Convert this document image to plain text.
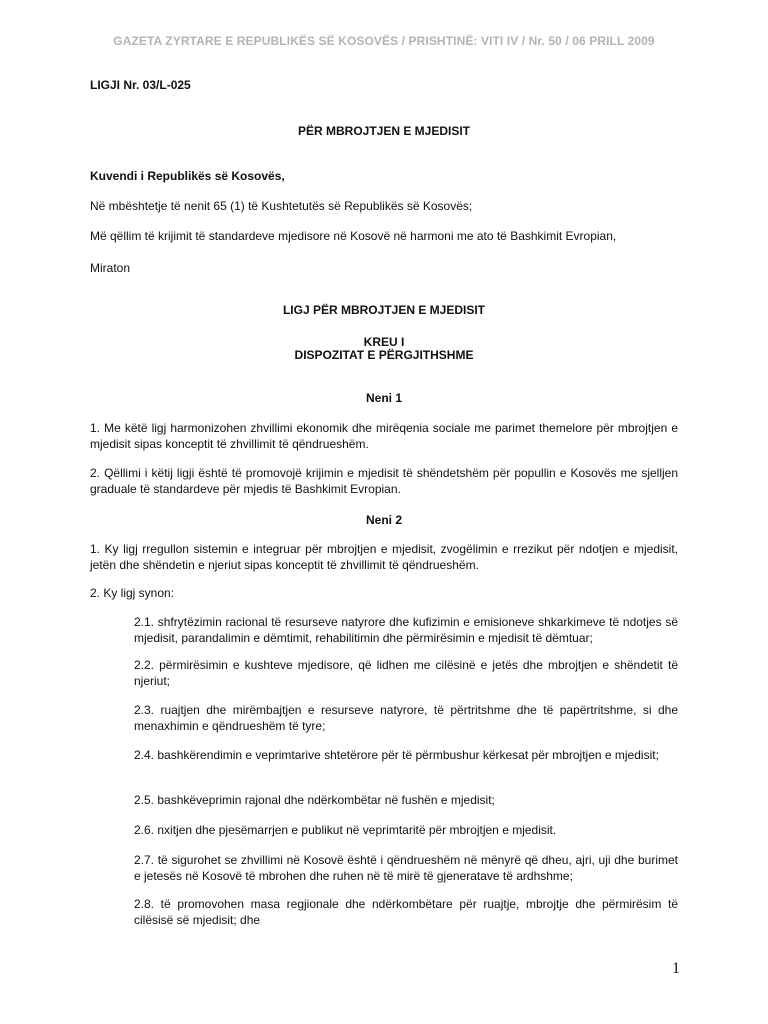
GAZETA ZYRTARE E REPUBLIKËS SË KOSOVËS / PRISHTINË: VITI IV / Nr. 50 / 06 PRILL 2009
LIGJI Nr. 03/L-025
PËR MBROJTJEN E MJEDISIT
Kuvendi i Republikës së Kosovës,
Në mbështetje të nenit 65 (1) të Kushtetutës së Republikës së Kosovës;
Më qëllim të krijimit të standardeve mjedisore në Kosovë në harmoni me ato të Bashkimit Evropian,
Miraton
LIGJ PËR MBROJTJEN E MJEDISIT
KREU I
DISPOZITAT E PËRGJITHSHME
Neni 1
1. Me këtë ligj harmonizohen zhvillimi ekonomik dhe mirëqenia sociale me parimet themelore për mbrojtjen e mjedisit sipas konceptit të zhvillimit të qëndrueshëm.
2. Qëllimi i këtij ligji është të promovojë krijimin e mjedisit të shëndetshëm për popullin e Kosovës me sjelljen graduale të standardeve për mjedis të Bashkimit Evropian.
Neni 2
1. Ky ligj rregullon sistemin e integruar për mbrojtjen e mjedisit, zvogëlimin e rrezikut për ndotjen e mjedisit, jetën dhe shëndetin e njeriut sipas konceptit të zhvillimit të qëndrueshëm.
2. Ky ligj synon:
2.1. shfrytëzimin racional të resurseve natyrore dhe kufizimin e emisioneve shkarkimeve të ndotjes së mjedisit, parandalimin e dëmtimit, rehabilitimin dhe përmirësimin e mjedisit të dëmtuar;
2.2. përmirësimin e kushteve mjedisore, që lidhen me cilësinë e jetës dhe mbrojtjen e shëndetit të njeriut;
2.3. ruajtjen dhe mirëmbajtjen e resurseve natyrore, të përtritshme dhe të papërtritshme, si dhe menaxhimin e qëndrueshëm të tyre;
2.4. bashkërendimin e veprimtarive shtetërore për të përmbushur kërkesat për mbrojtjen e mjedisit;
2.5. bashkëveprimin rajonal dhe ndërkombëtar në fushën e mjedisit;
2.6. nxitjen dhe pjesëmarrjen e publikut në veprimtaritë për mbrojtjen e mjedisit.
2.7. të sigurohet se zhvillimi në Kosovë është i qëndrueshëm në mënyrë që dheu, ajri, uji dhe burimet e jetesës në Kosovë të mbrohen dhe ruhen në të mirë të gjeneratave të ardhshme;
2.8. të promovohen masa regjionale dhe ndërkombëtare për ruajtje, mbrojtje dhe përmirësim të cilësisë së mjedisit; dhe
1
